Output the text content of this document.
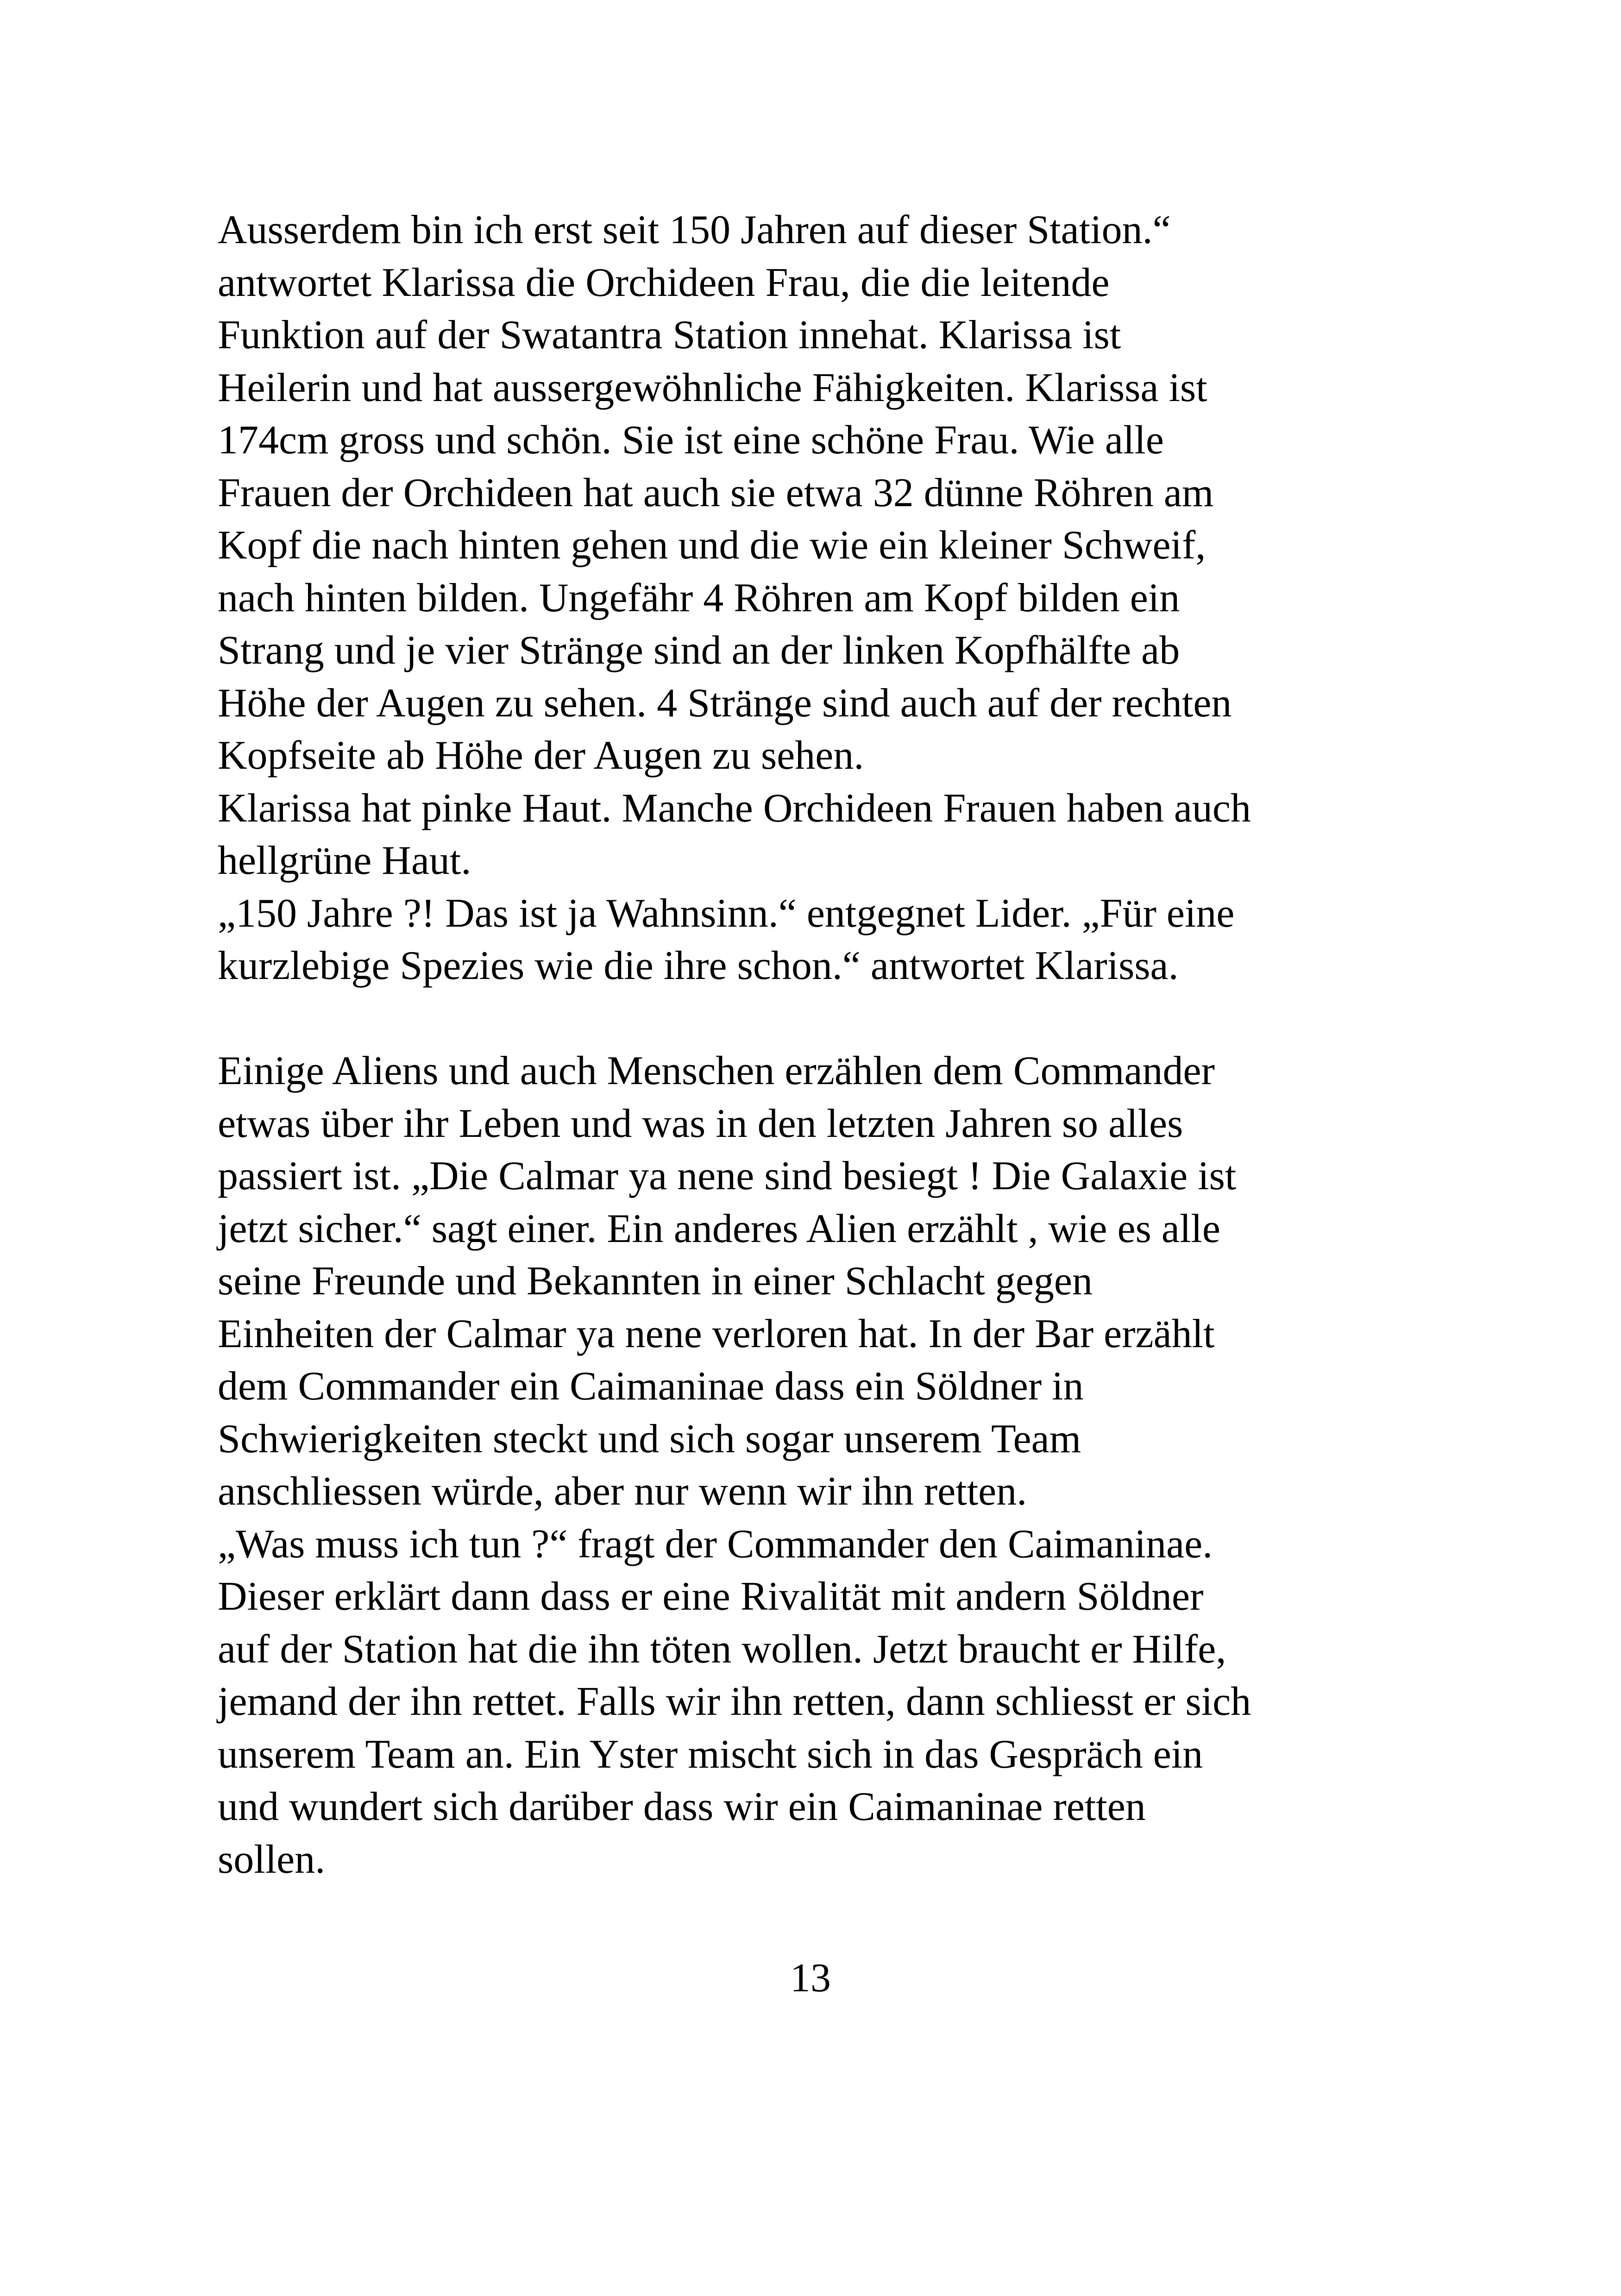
Ausserdem bin ich erst seit 150 Jahren auf dieser Station.“
antwortet Klarissa die Orchideen Frau, die die leitende
Funktion auf der Swatantra Station innehat. Klarissa ist
Heilerin und hat aussergewöhnliche Fähigkeiten. Klarissa ist
174cm gross und schön. Sie ist eine schöne Frau. Wie alle
Frauen der Orchideen hat auch sie etwa 32 dünne Röhren am
Kopf die nach hinten gehen und die wie ein kleiner Schweif,
nach hinten bilden. Ungefähr 4 Röhren am Kopf bilden ein
Strang und je vier Stränge sind an der linken Kopfhälfte ab
Höhe der Augen zu sehen. 4 Stränge sind auch auf der rechten
Kopfseite ab Höhe der Augen zu sehen.
Klarissa hat pinke Haut. Manche Orchideen Frauen haben auch
hellgrüne Haut.
„150 Jahre ?! Das ist ja Wahnsinn.“ entgegnet Lider. „Für eine
kurzlebige Spezies wie die ihre schon.“ antwortet Klarissa.
Einige Aliens und auch Menschen erzählen dem Commander
etwas über ihr Leben und was in den letzten Jahren so alles
passiert ist. „Die Calmar ya nene sind besiegt ! Die Galaxie ist
jetzt sicher.“ sagt einer. Ein anderes Alien erzählt , wie es alle
seine Freunde und Bekannten in einer Schlacht gegen
Einheiten der Calmar ya nene verloren hat. In der Bar erzählt
dem Commander ein Caimaninae dass ein Söldner in
Schwierigkeiten steckt und sich sogar unserem Team
anschliessen würde, aber nur wenn wir ihn retten.
„Was muss ich tun ?“ fragt der Commander den Caimaninae.
Dieser erklärt dann dass er eine Rivalität mit andern Söldner
auf der Station hat die ihn töten wollen. Jetzt braucht er Hilfe,
jemand der ihn rettet. Falls wir ihn retten, dann schliesst er sich
unserem Team an. Ein Yster mischt sich in das Gespräch ein
und wundert sich darüber dass wir ein Caimaninae retten
sollen.
13
